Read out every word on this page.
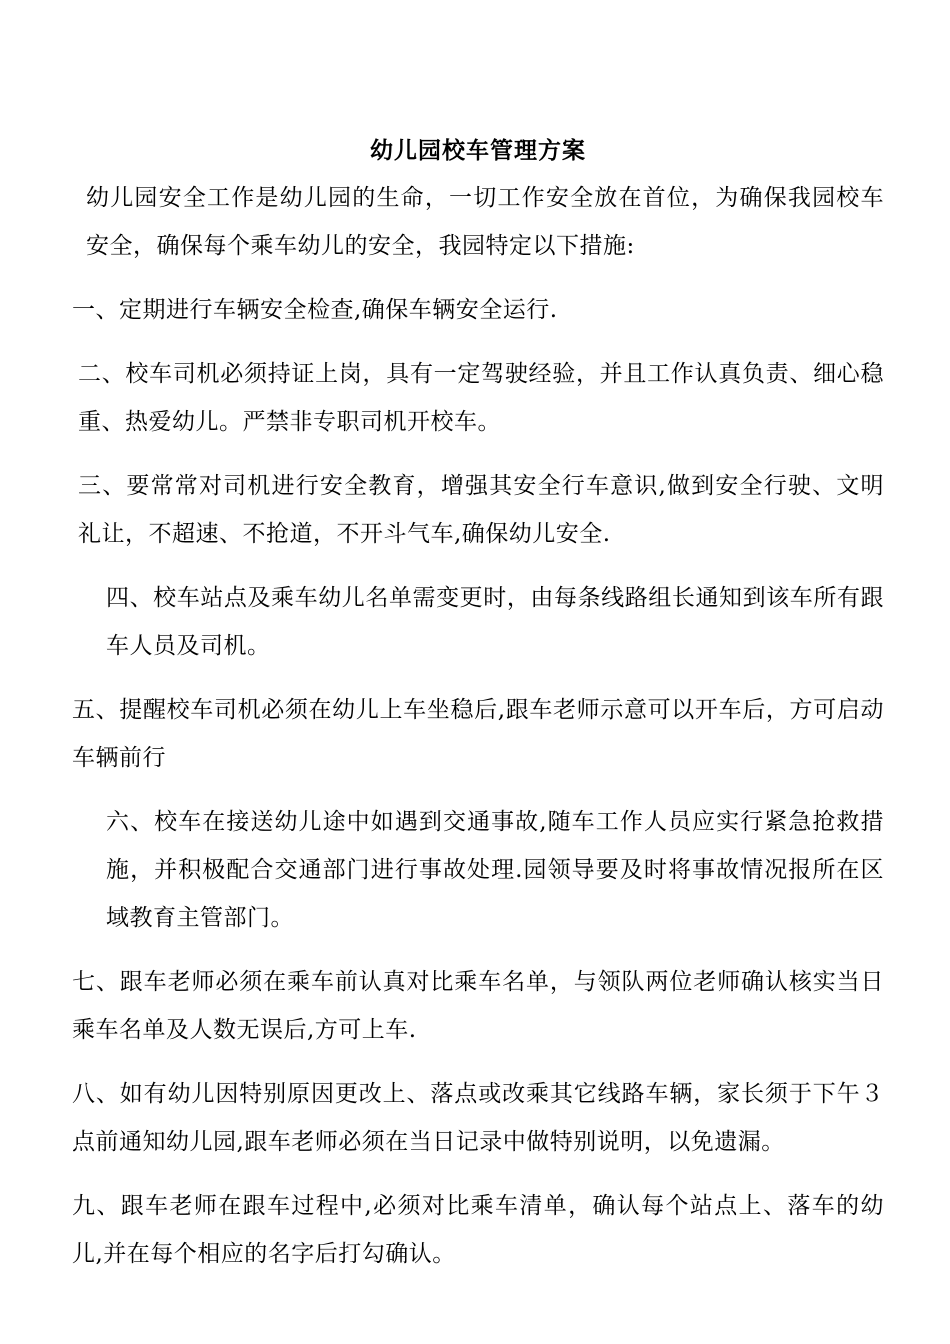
幼儿园校车管理方案

幼儿园安全工作是幼儿园的生命，一切工作安全放在首位，为确保我园校车安全，确保每个乘车幼儿的安全，我园特定以下措施:

一、定期进行车辆安全检查,确保车辆安全运行.

二、校车司机必须持证上岗，具有一定驾驶经验，并且工作认真负责、细心稳重、热爱幼儿。严禁非专职司机开校车。

三、要常常对司机进行安全教育，增强其安全行车意识,做到安全行驶、文明礼让，不超速、不抢道，不开斗气车,确保幼儿安全.

四、校车站点及乘车幼儿名单需变更时，由每条线路组长通知到该车所有跟车人员及司机。

五、提醒校车司机必须在幼儿上车坐稳后,跟车老师示意可以开车后，方可启动车辆前行

六、校车在接送幼儿途中如遇到交通事故,随车工作人员应实行紧急抢救措施，并积极配合交通部门进行事故处理.园领导要及时将事故情况报所在区域教育主管部门。

七、跟车老师必须在乘车前认真对比乘车名单，与领队两位老师确认核实当日乘车名单及人数无误后,方可上车.

八、如有幼儿因特别原因更改上、落点或改乘其它线路车辆，家长须于下午３点前通知幼儿园,跟车老师必须在当日记录中做特别说明，以免遗漏。

九、跟车老师在跟车过程中,必须对比乘车清单，确认每个站点上、落车的幼儿,并在每个相应的名字后打勾确认。
